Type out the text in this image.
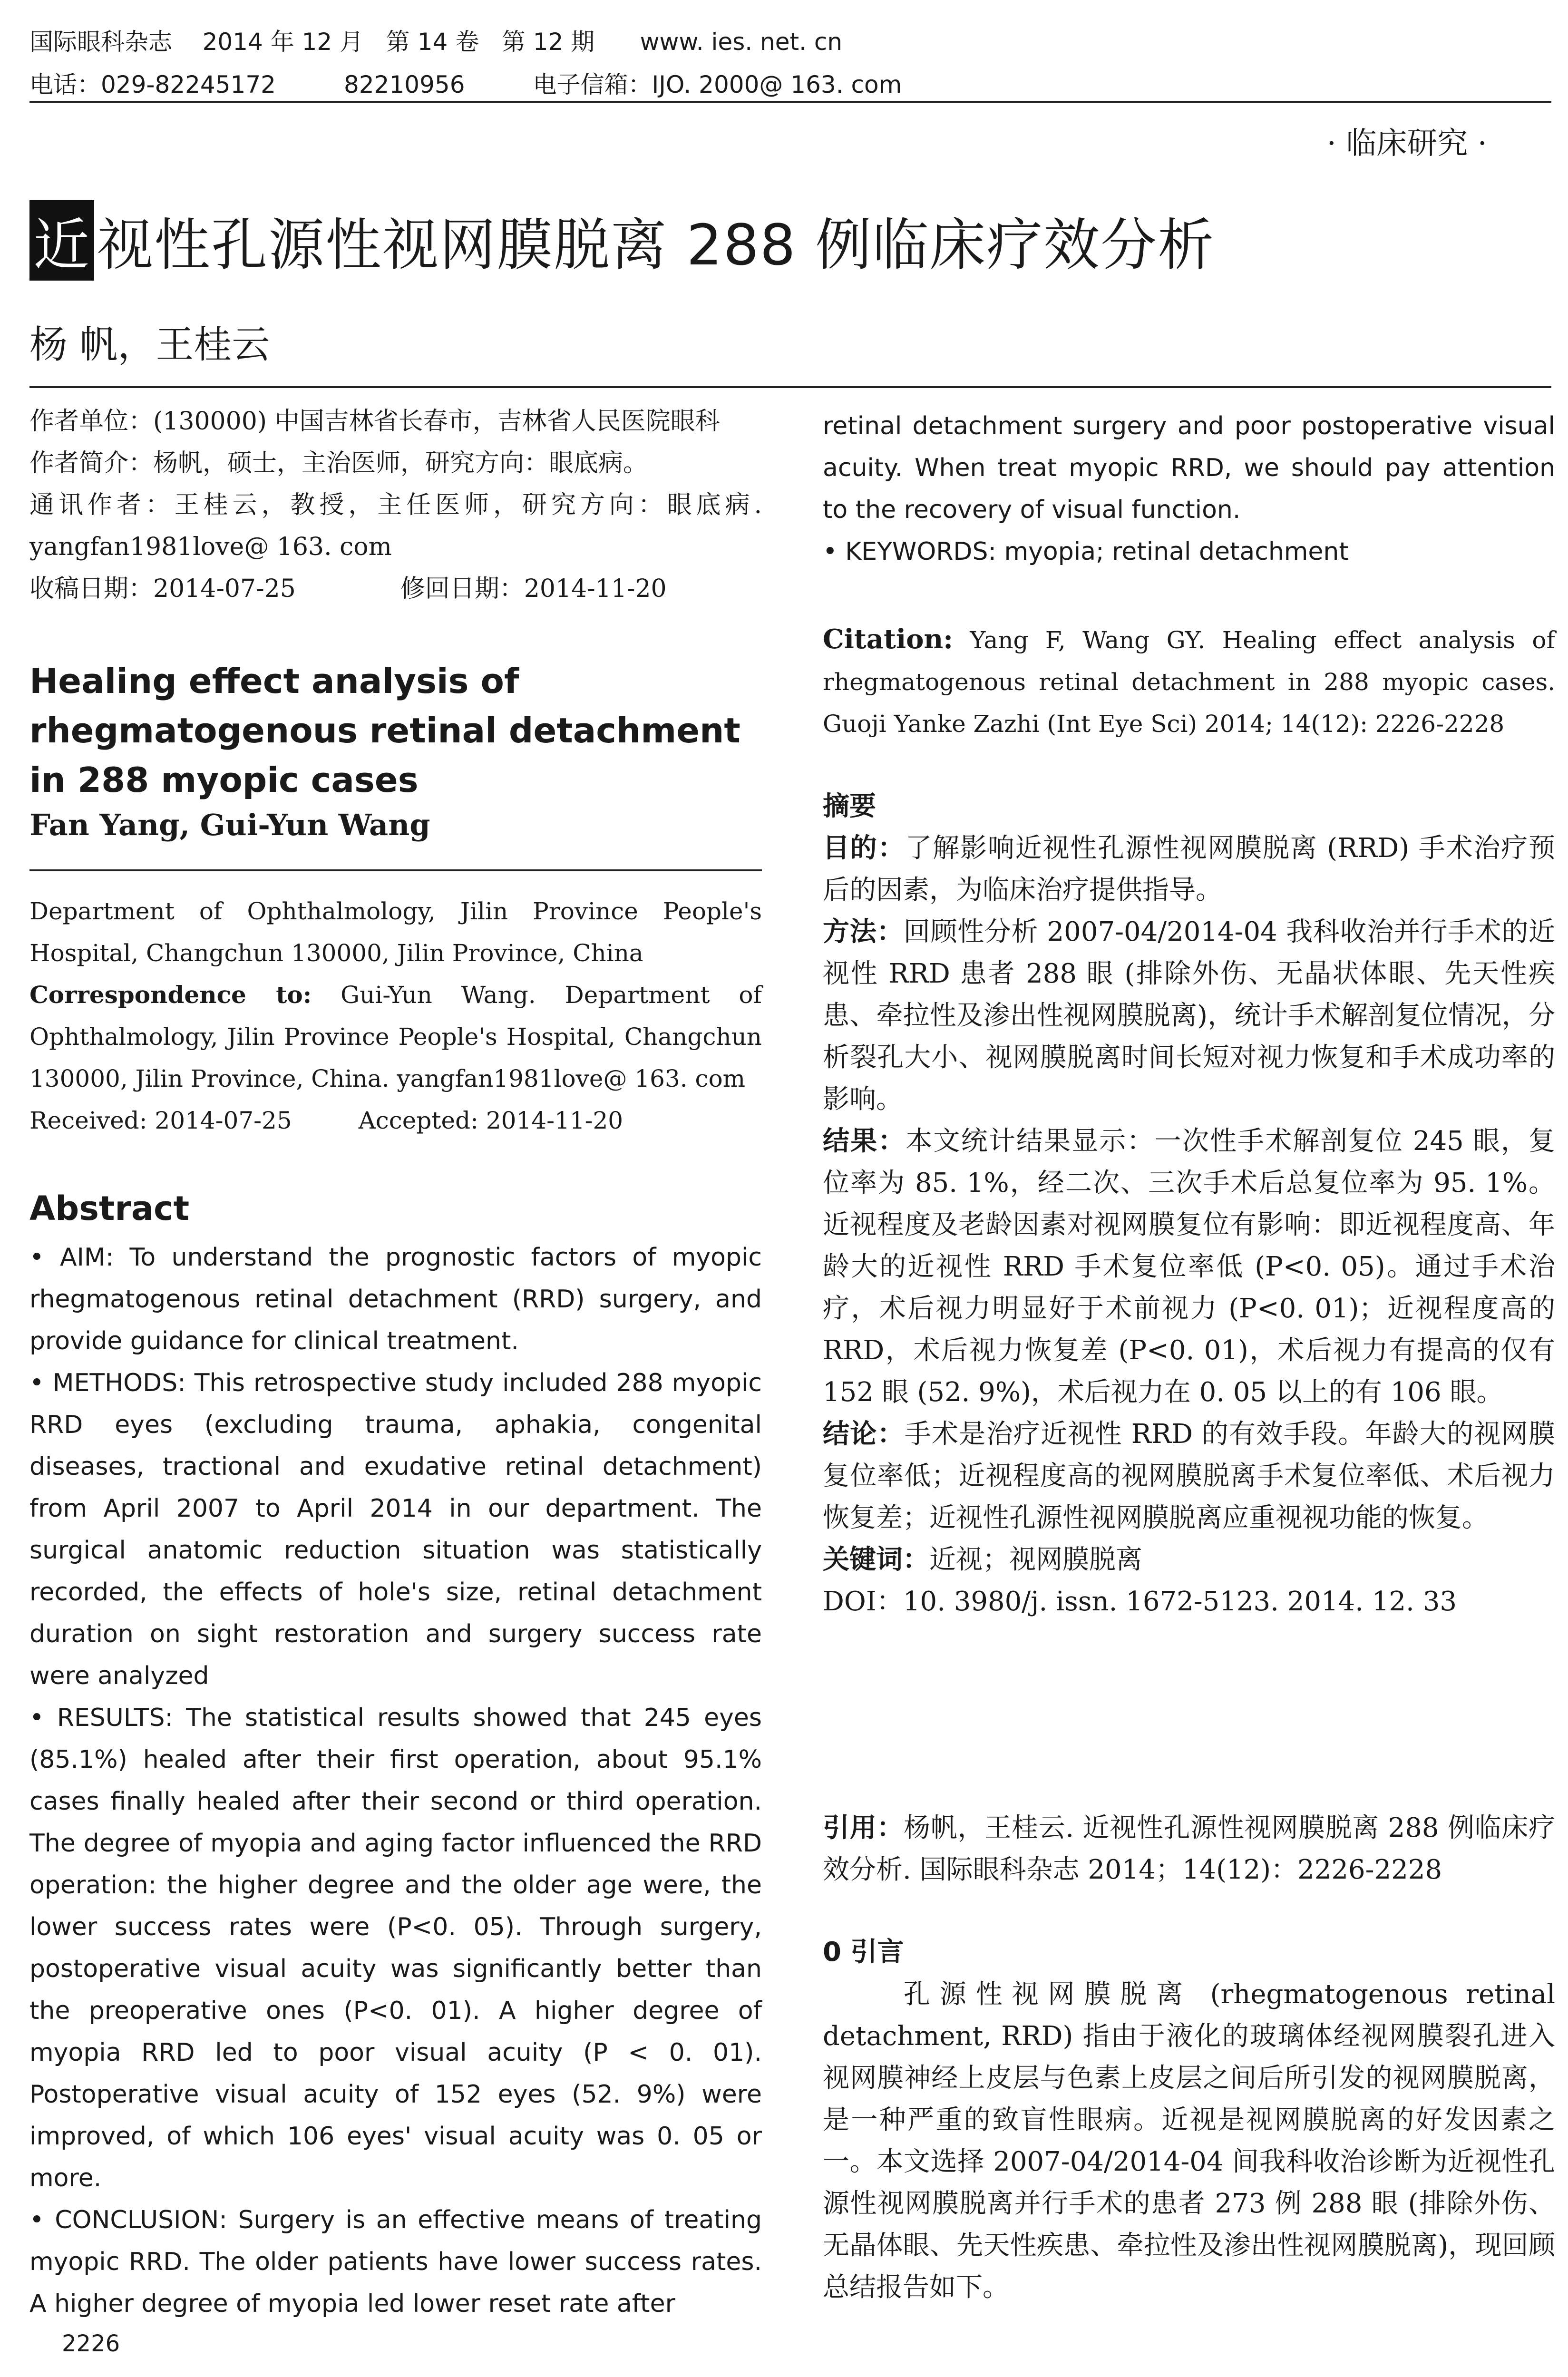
国际眼科杂志    2014 年 12 月   第 14 卷   第 12 期      www. ies. net. cn
电话：029-82245172         82210956         电子信箱：IJO. 2000@ 163. com
· 临床研究 ·
近 视性孔源性视网膜脱离 288 例临床疗效分析
杨 帆，王桂云
作者单位：(130000) 中国吉林省长春市，吉林省人民医院眼科
作者简介：杨帆，硕士，主治医师，研究方向：眼底病。
通讯作者：王桂云，教授，主任医师，研究方向：眼底病.
yangfan1981love@ 163. com
收稿日期：2014-07-25	修回日期：2014-11-20
Healing effect analysis of rhegmatogenous retinal detachment in 288 myopic cases
Fan Yang, Gui-Yun Wang
Department of Ophthalmology, Jilin Province People's Hospital, Changchun 130000, Jilin Province, China
Correspondence to: Gui-Yun Wang. Department of Ophthalmology, Jilin Province People's Hospital, Changchun 130000, Jilin Province, China. yangfan1981love@ 163. com
Received: 2014-07-25	Accepted: 2014-11-20
Abstract

• AIM: To understand the prognostic factors of myopic rhegmatogenous retinal detachment (RRD) surgery, and provide guidance for clinical treatment.

• METHODS: This retrospective study included 288 myopic RRD eyes (excluding trauma, aphakia, congenital diseases, tractional and exudative retinal detachment) from April 2007 to April 2014 in our department. The surgical anatomic reduction situation was statistically recorded, the effects of hole's size, retinal detachment duration on sight restoration and surgery success rate were analyzed

• RESULTS: The statistical results showed that 245 eyes (85.1%) healed after their first operation, about 95.1% cases finally healed after their second or third operation. The degree of myopia and aging factor influenced the RRD operation: the higher degree and the older age were, the lower success rates were (P<0. 05). Through surgery, postoperative visual acuity was significantly better than the preoperative ones (P<0. 01). A higher degree of myopia RRD led to poor visual acuity (P < 0. 01). Postoperative visual acuity of 152 eyes (52. 9%) were improved, of which 106 eyes' visual acuity was 0. 05 or more.

• CONCLUSION: Surgery is an effective means of treating myopic RRD. The older patients have lower success rates. A higher degree of myopia led lower reset rate after

2226

retinal detachment surgery and poor postoperative visual acuity. When treat myopic RRD, we should pay attention to the recovery of visual function.

• KEYWORDS: myopia; retinal detachment

Citation: Yang F, Wang GY. Healing effect analysis of rhegmatogenous retinal detachment in 288 myopic cases. Guoji Yanke Zazhi (Int Eye Sci) 2014; 14(12): 2226-2228

摘要

目的：了解影响近视性孔源性视网膜脱离 (RRD) 手术治疗预后的因素，为临床治疗提供指导。

方法：回顾性分析 2007-04/2014-04 我科收治并行手术的近视性 RRD 患者 288 眼 (排除外伤、无晶状体眼、先天性疾患、牵拉性及渗出性视网膜脱离)，统计手术解剖复位情况，分析裂孔大小、视网膜脱离时间长短对视力恢复和手术成功率的影响。

结果：本文统计结果显示：一次性手术解剖复位 245 眼，复位率为 85. 1%，经二次、三次手术后总复位率为 95. 1%。近视程度及老龄因素对视网膜复位有影响：即近视程度高、年龄大的近视性 RRD 手术复位率低 (P<0. 05)。通过手术治疗，术后视力明显好于术前视力 (P<0. 01)；近视程度高的 RRD，术后视力恢复差 (P<0. 01)，术后视力有提高的仅有 152 眼 (52. 9%)，术后视力在 0. 05 以上的有 106 眼。

结论：手术是治疗近视性 RRD 的有效手段。年龄大的视网膜复位率低；近视程度高的视网膜脱离手术复位率低、术后视力恢复差；近视性孔源性视网膜脱离应重视视功能的恢复。

关键词：近视；视网膜脱离

DOI：10. 3980/j. issn. 1672-5123. 2014. 12. 33

引用：杨帆，王桂云. 近视性孔源性视网膜脱离 288 例临床疗效分析. 国际眼科杂志 2014；14(12)：2226-2228
0 引言

孔源性视网膜脱离 (rhegmatogenous retinal detachment, RRD) 指由于液化的玻璃体经视网膜裂孔进入视网膜神经上皮层与色素上皮层之间后所引发的视网膜脱离，是一种严重的致盲性眼病。近视是视网膜脱离的好发因素之一。本文选择 2007-04/2014-04 间我科收治诊断为近视性孔源性视网膜脱离并行手术的患者 273 例 288 眼 (排除外伤、无晶体眼、先天性疾患、牵拉性及渗出性视网膜脱离)，现回顾总结报告如下。
